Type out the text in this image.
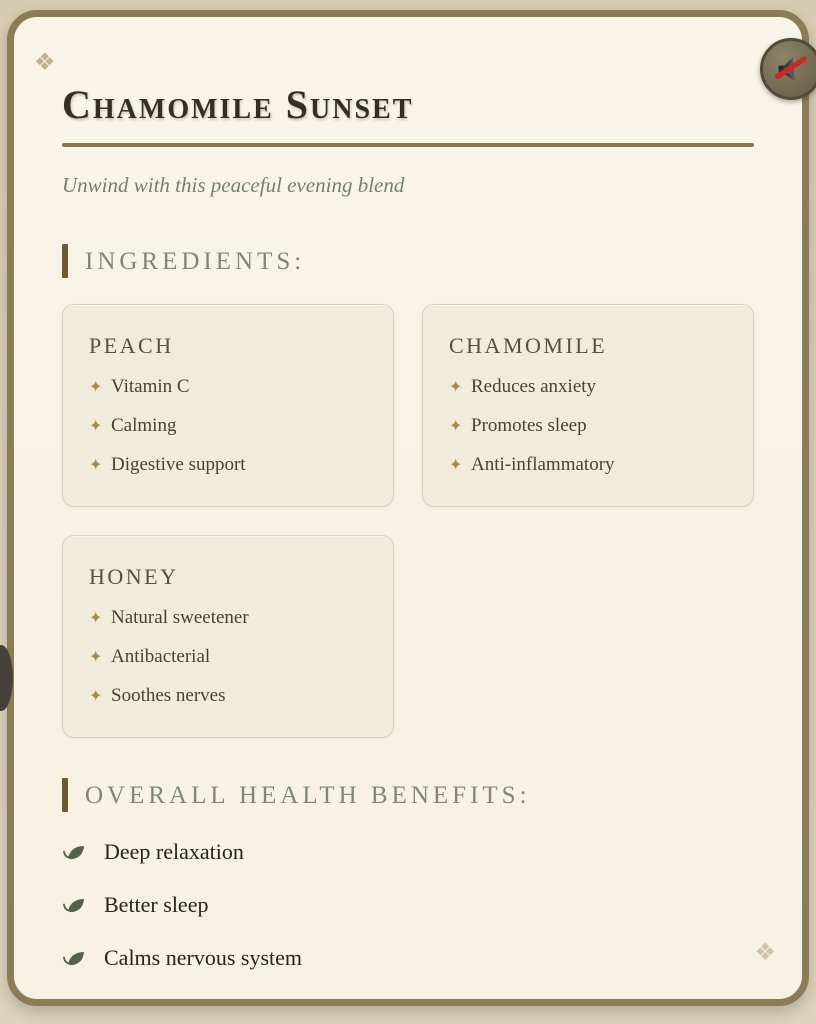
❖
❖
Chamomile Sunset

Unwind with this peaceful evening blend

INGREDIENTS:
PEACH
✦ Vitamin C
✦ Calming
✦ Digestive support
CHAMOMILE
✦ Reduces anxiety
✦ Promotes sleep
✦ Anti-inflammatory
HONEY
✦ Natural sweetener
✦ Antibacterial
✦ Soothes nerves
OVERALL HEALTH BENEFITS:
Deep relaxation
Better sleep
Calms nervous system
